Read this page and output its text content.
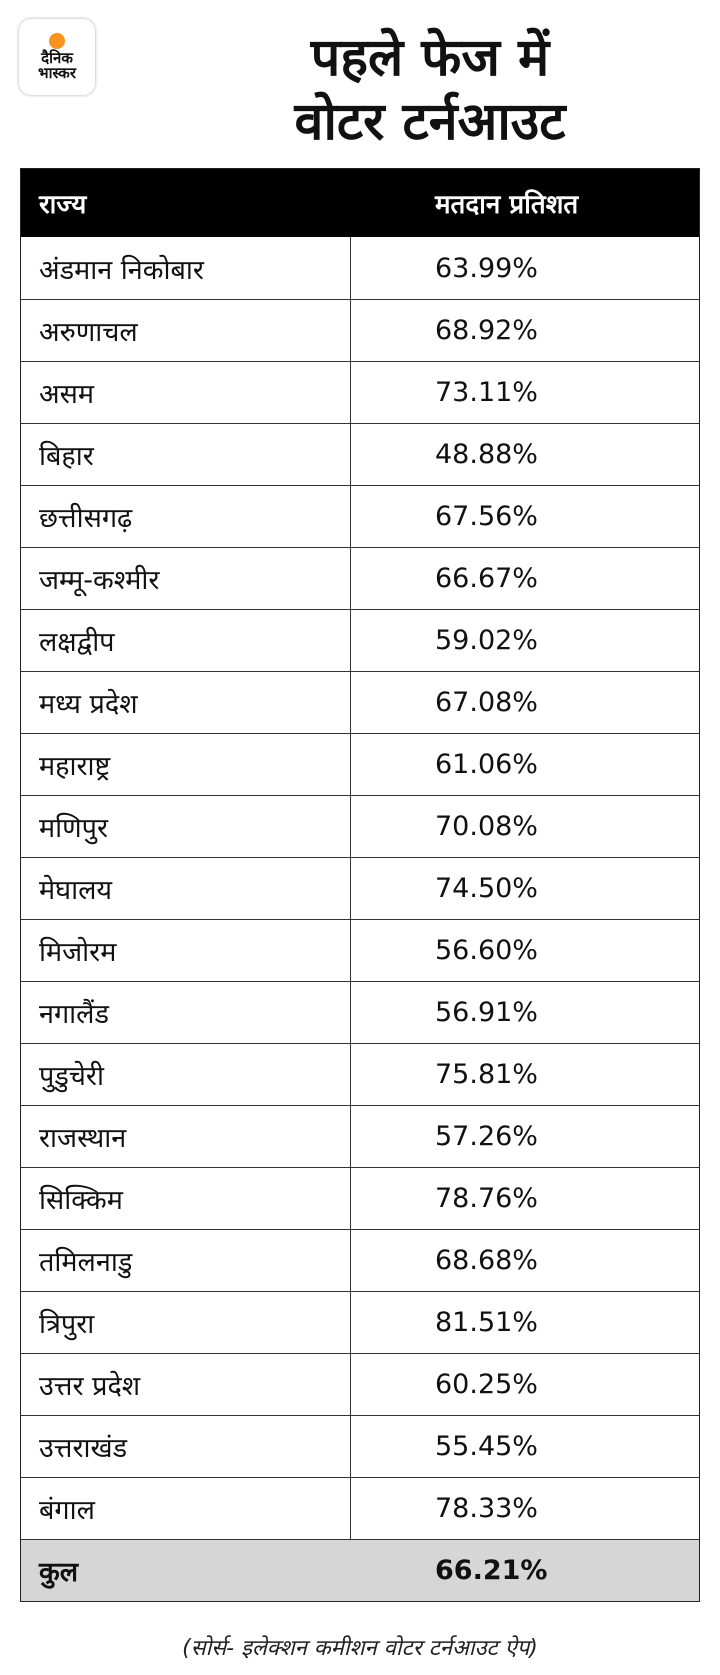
दैनिक
भास्कर	पहले फेज में
वोटर टर्नआउट
राज्य	मतदान प्रतिशत
अंडमान निकोबार	63.99%
अरुणाचल	68.92%
असम	73.11%
बिहार	48.88%
छत्तीसगढ़	67.56%
जम्मू-कश्मीर	66.67%
लक्षद्वीप	59.02%
मध्य प्रदेश	67.08%
महाराष्ट्र	61.06%
मणिपुर	70.08%
मेघालय	74.50%
मिजोरम	56.60%
नगालैंड	56.91%
पुडुचेरी	75.81%
राजस्थान	57.26%
सिक्किम	78.76%
तमिलनाडु	68.68%
त्रिपुरा	81.51%
उत्तर प्रदेश	60.25%
उत्तराखंड	55.45%
बंगाल	78.33%
कुल	66.21%
(सोर्स- इलेक्शन कमीशन वोटर टर्नआउट ऐप)
